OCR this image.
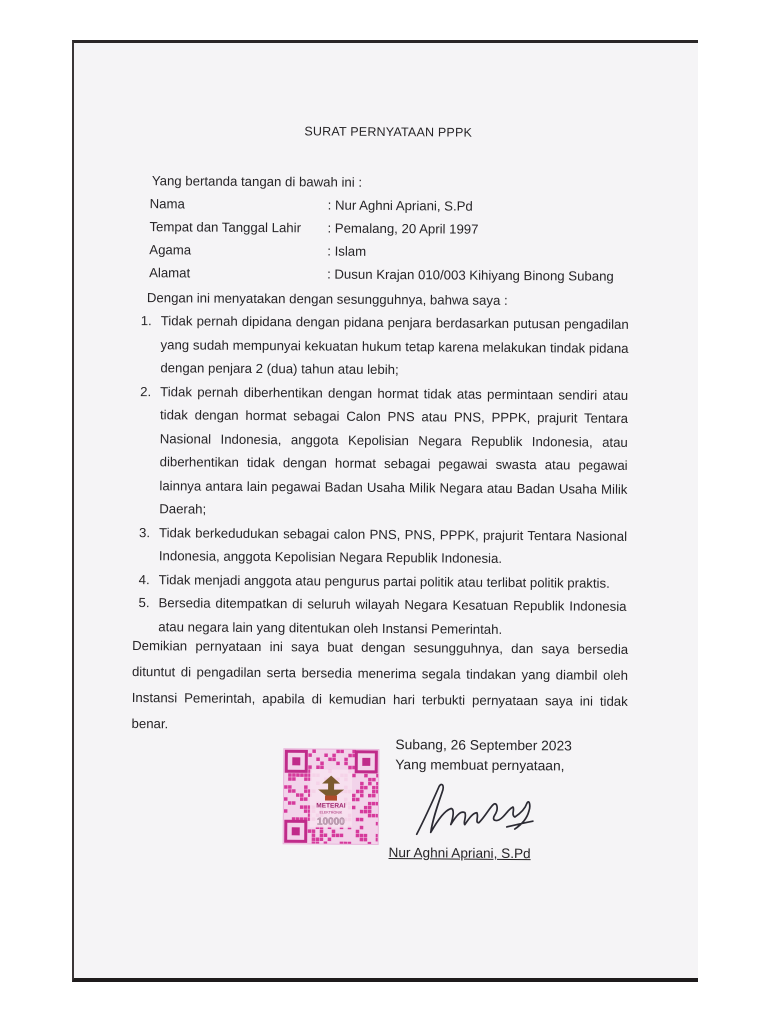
SURAT PERNYATAAN PPPK
Yang bertanda tangan di bawah ini :
Nama	: Nur Aghni Apriani, S.Pd
Tempat dan Tanggal Lahir : Pemalang, 20 April 1997
Agama	: Islam
Alamat	: Dusun Krajan 010/003 Kihiyang Binong Subang
Dengan ini menyatakan dengan sesungguhnya, bahwa saya :
1. Tidak pernah dipidana dengan pidana penjara berdasarkan putusan pengadilan yang sudah mempunyai kekuatan hukum tetap karena melakukan tindak pidana dengan penjara 2 (dua) tahun atau lebih;
2. Tidak pernah diberhentikan dengan hormat tidak atas permintaan sendiri atau tidak dengan hormat sebagai Calon PNS atau PNS, PPPK, prajurit Tentara Nasional Indonesia, anggota Kepolisian Negara Republik Indonesia, atau diberhentikan tidak dengan hormat sebagai pegawai swasta atau pegawai lainnya antara lain pegawai Badan Usaha Milik Negara atau Badan Usaha Milik Daerah;
3. Tidak berkedudukan sebagai calon PNS, PNS, PPPK, prajurit Tentara Nasional Indonesia, anggota Kepolisian Negara Republik Indonesia.
4. Tidak menjadi anggota atau pengurus partai politik atau terlibat politik praktis.
5. Bersedia ditempatkan di seluruh wilayah Negara Kesatuan Republik Indonesia atau negara lain yang ditentukan oleh Instansi Pemerintah.
Demikian pernyataan ini saya buat dengan sesungguhnya, dan saya bersedia dituntut di pengadilan serta bersedia menerima segala tindakan yang diambil oleh Instansi Pemerintah, apabila di kemudian hari terbukti pernyataan saya ini tidak benar.
METERAI
ELEKTRONIK
10000
Subang, 26 September 2023
Yang membuat pernyataan,
Nur Aghni Apriani, S.Pd
